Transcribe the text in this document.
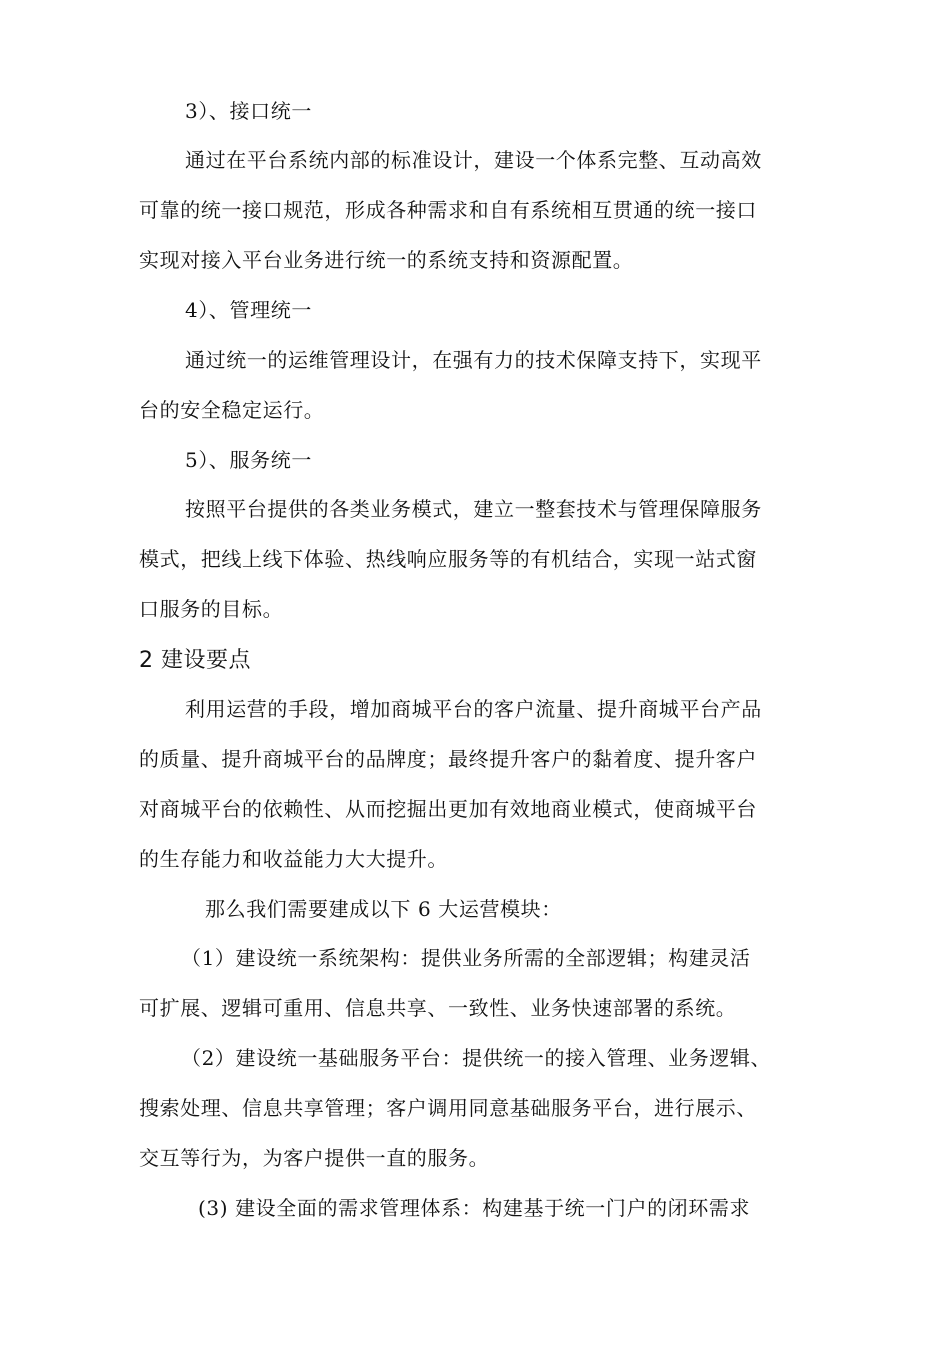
3）、接口统一
通过在平台系统内部的标准设计，建设一个体系完整、互动高效
可靠的统一接口规范，形成各种需求和自有系统相互贯通的统一接口
实现对接入平台业务进行统一的系统支持和资源配置。
4）、管理统一
通过统一的运维管理设计，在强有力的技术保障支持下，实现平
台的安全稳定运行。
5）、服务统一
按照平台提供的各类业务模式，建立一整套技术与管理保障服务
模式，把线上线下体验、热线响应服务等的有机结合，实现一站式窗
口服务的目标。
2 建设要点
利用运营的手段，增加商城平台的客户流量、提升商城平台产品
的质量、提升商城平台的品牌度；最终提升客户的黏着度、提升客户
对商城平台的依赖性、从而挖掘出更加有效地商业模式，使商城平台
的生存能力和收益能力大大提升。
那么我们需要建成以下 6 大运营模块：
（1）建设统一系统架构：提供业务所需的全部逻辑；构建灵活
可扩展、逻辑可重用、信息共享、一致性、业务快速部署的系统。
（2）建设统一基础服务平台：提供统一的接入管理、业务逻辑、
搜索处理、信息共享管理；客户调用同意基础服务平台，进行展示、
交互等行为，为客户提供一直的服务。
(3) 建设全面的需求管理体系：构建基于统一门户的闭环需求
